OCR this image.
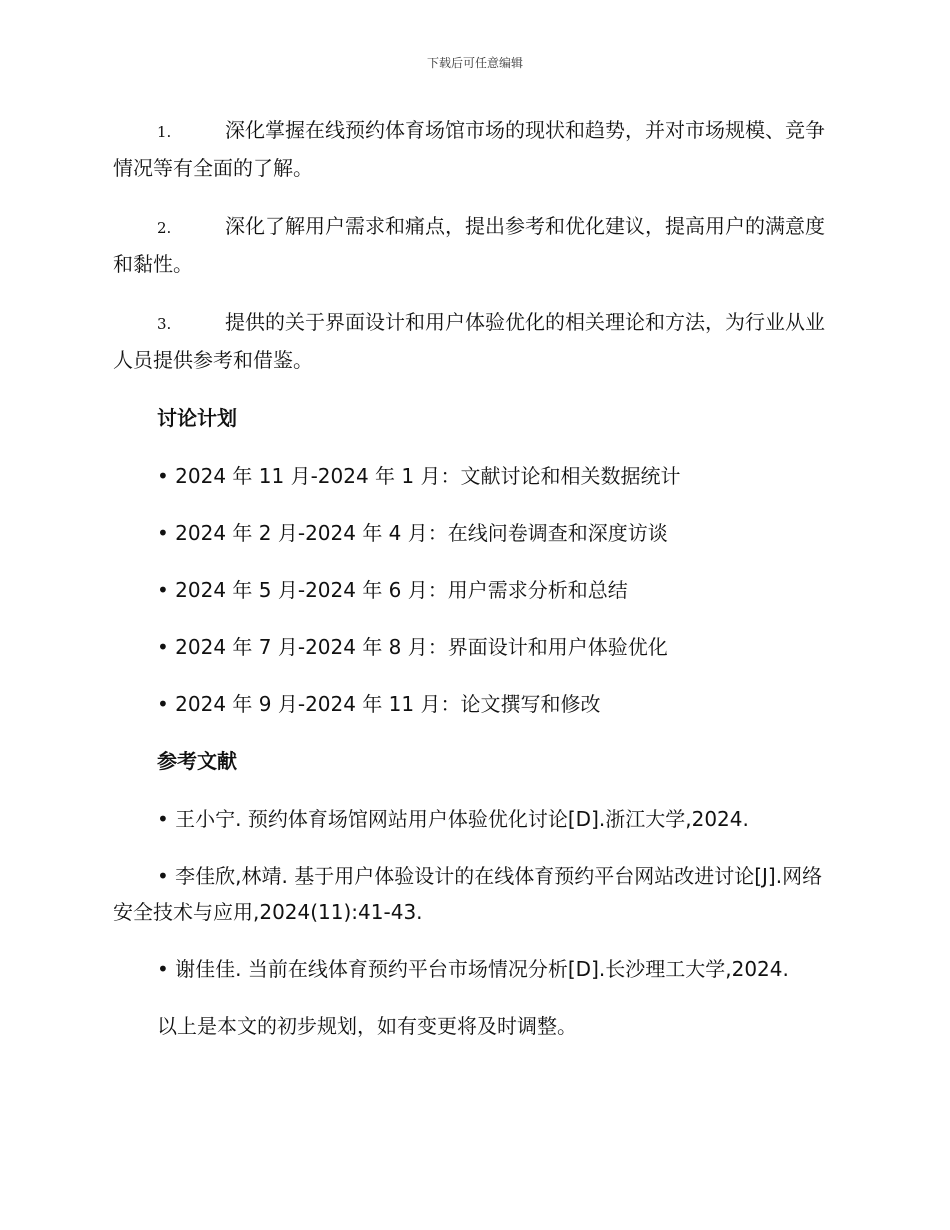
下载后可任意编辑

1.	深化掌握在线预约体育场馆市场的现状和趋势，并对市场规模、竞争情况等有全面的了解。

2.	深化了解用户需求和痛点，提出参考和优化建议，提高用户的满意度和黏性。

3.	提供的关于界面设计和用户体验优化的相关理论和方法，为行业从业人员提供参考和借鉴。

讨论计划

• 2024 年 11 月-2024 年 1 月：文献讨论和相关数据统计

• 2024 年 2 月-2024 年 4 月：在线问卷调查和深度访谈

• 2024 年 5 月-2024 年 6 月：用户需求分析和总结

• 2024 年 7 月-2024 年 8 月：界面设计和用户体验优化

• 2024 年 9 月-2024 年 11 月：论文撰写和修改

参考文献

• 王小宁. 预约体育场馆网站用户体验优化讨论[D].浙江大学,2024.

• 李佳欣,林靖. 基于用户体验设计的在线体育预约平台网站改进讨论[J].网络安全技术与应用,2024(11):41-43.

• 谢佳佳. 当前在线体育预约平台市场情况分析[D].长沙理工大学,2024.

以上是本文的初步规划，如有变更将及时调整。
